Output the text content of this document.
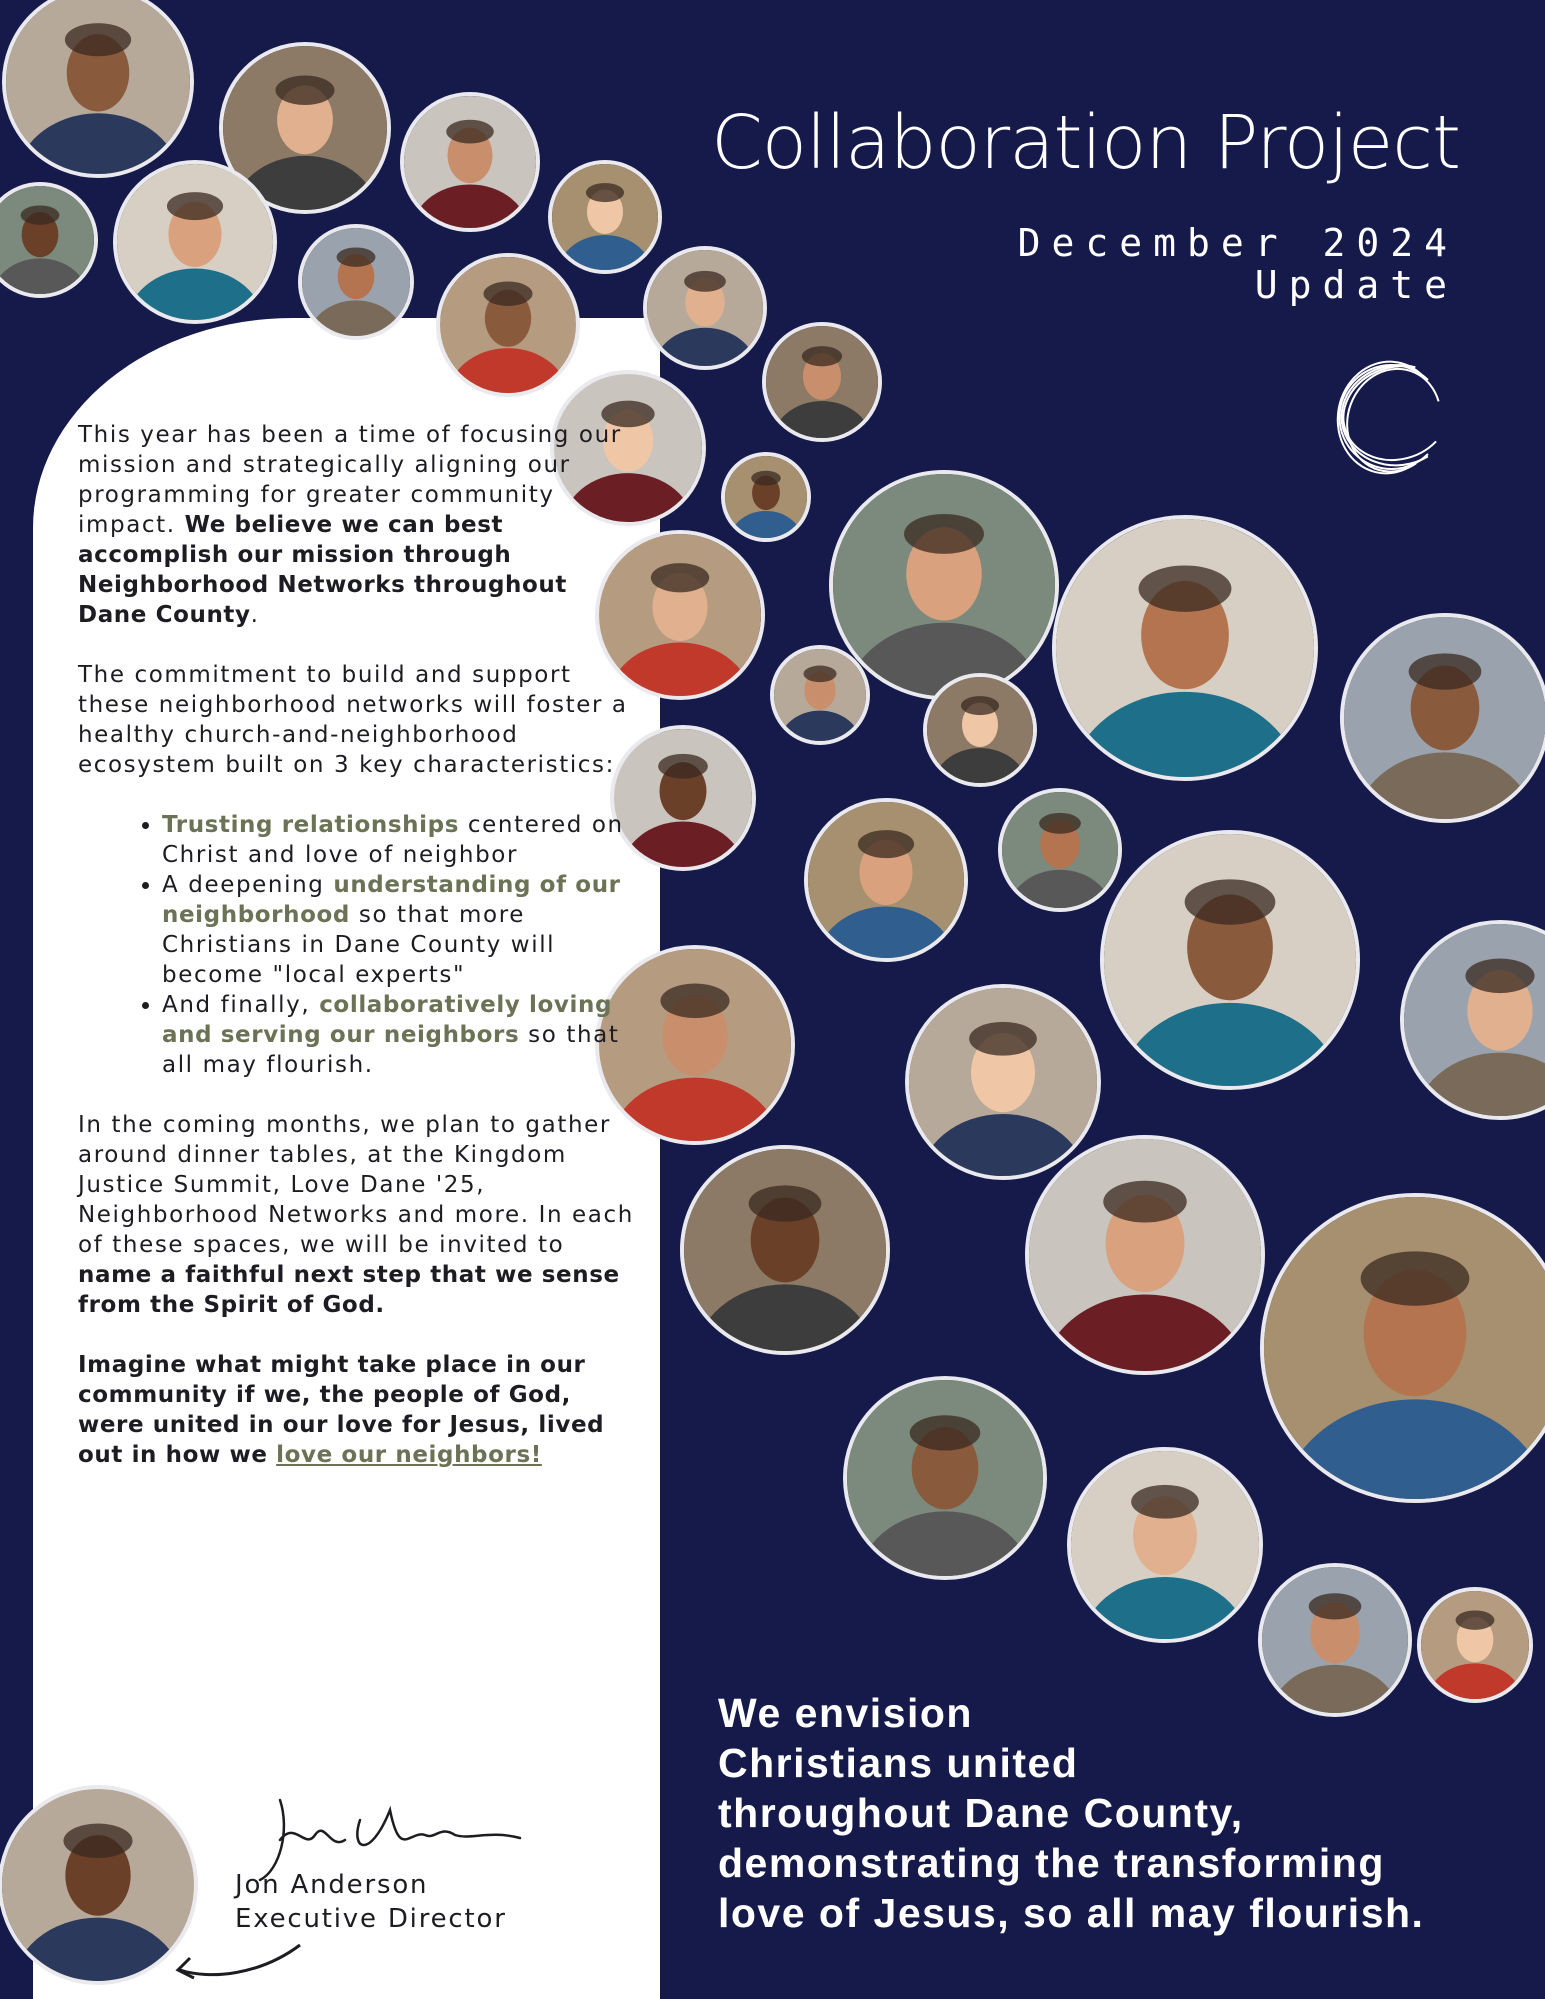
Collaboration Project
December 2024
Update

This year has been a time of focusing our mission and strategically aligning our programming for greater community impact. We believe we can best accomplish our mission through Neighborhood Networks throughout Dane County.

The commitment to build and support these neighborhood networks will foster a healthy church-and-neighborhood ecosystem built on 3 key characteristics:

• Trusting relationships centered on Christ and love of neighbor
• A deepening understanding of our neighborhood so that more Christians in Dane County will become "local experts"
• And finally, collaboratively loving and serving our neighbors so that all may flourish.

In the coming months, we plan to gather around dinner tables, at the Kingdom Justice Summit, Love Dane '25, Neighborhood Networks and more. In each of these spaces, we will be invited to name a faithful next step that we sense from the Spirit of God.

Imagine what might take place in our community if we, the people of God, were united in our love for Jesus, lived out in how we love our neighbors!

Jon Anderson
Executive Director
We envision
Christians united
throughout Dane County,
demonstrating the transforming
love of Jesus, so all may flourish.
